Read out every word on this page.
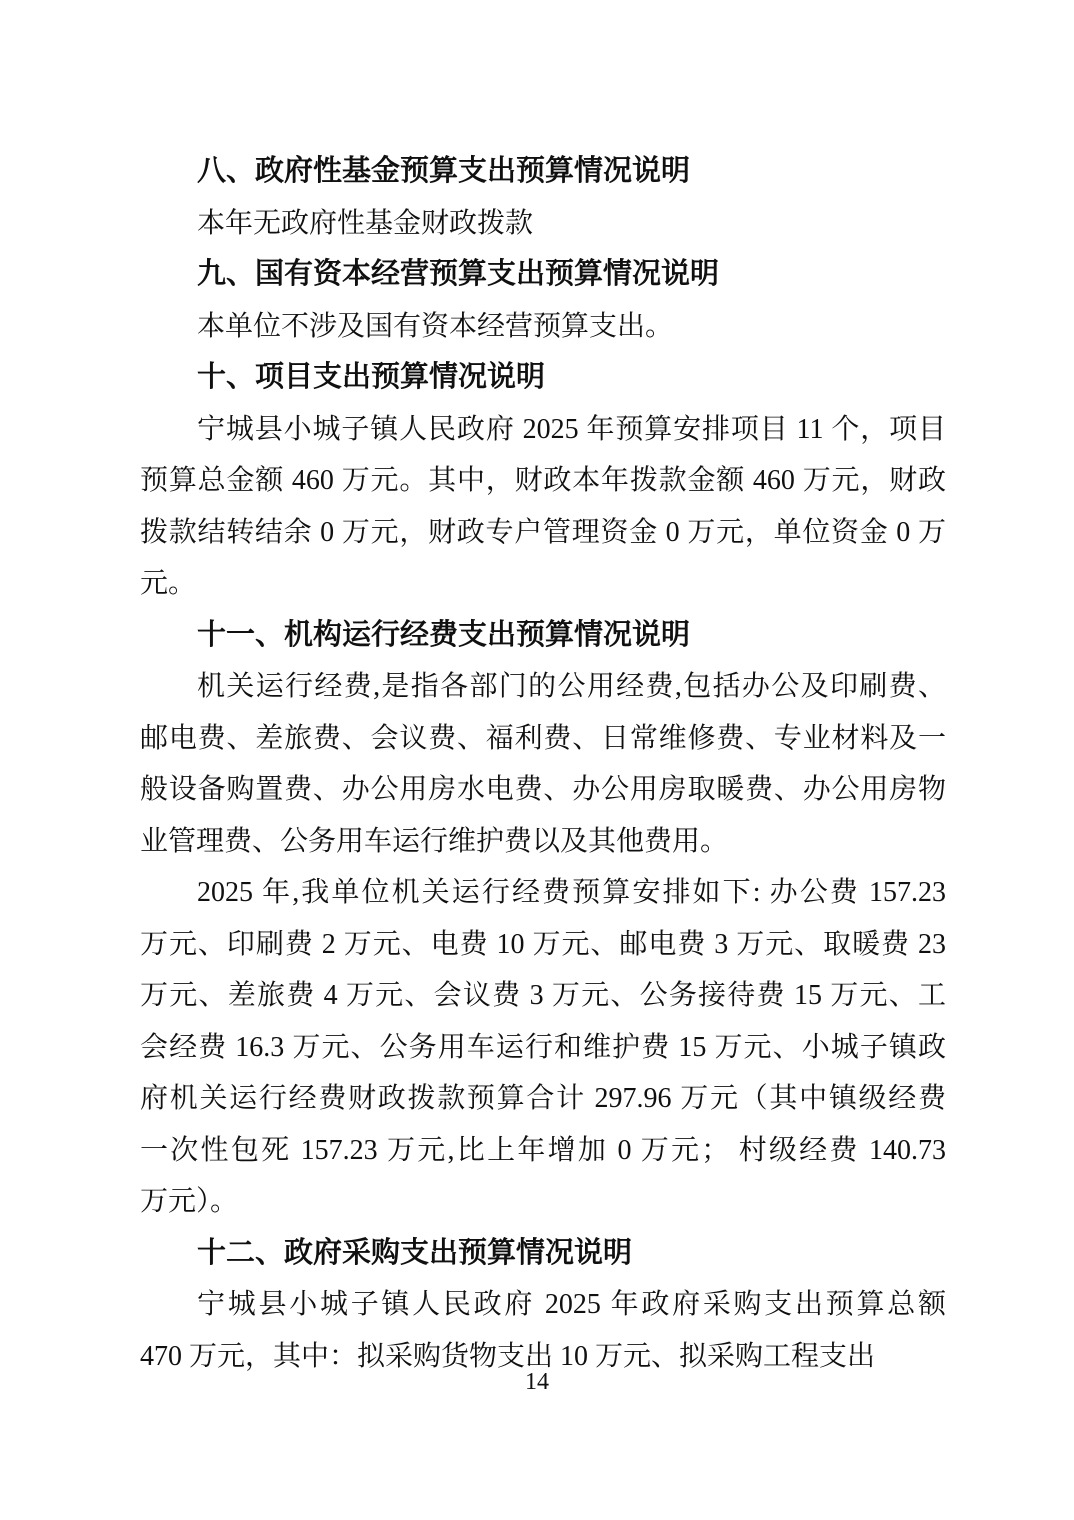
八、政府性基金预算支出预算情况说明

本年无政府性基金财政拨款

九、国有资本经营预算支出预算情况说明

本单位不涉及国有资本经营预算支出。

十、项目支出预算情况说明

宁城县小城子镇人民政府 2025 年预算安排项目 11 个，项目

预算总金额 460 万元。其中，财政本年拨款金额 460 万元，财政

拨款结转结余 0 万元，财政专户管理资金 0 万元，单位资金 0 万

元。

十一、机构运行经费支出预算情况说明

机关运行经费,是指各部门的公用经费,包括办公及印刷费、

邮电费、差旅费、会议费、福利费、日常维修费、专业材料及一

般设备购置费、办公用房水电费、办公用房取暖费、办公用房物

业管理费、公务用车运行维护费以及其他费用。

2025 年,我单位机关运行经费预算安排如下: 办公费 157.23

万元、印刷费 2 万元、电费 10 万元、邮电费 3 万元、取暖费 23

万元、差旅费 4 万元、会议费 3 万元、公务接待费 15 万元、工

会经费 16.3 万元、公务用车运行和维护费 15 万元、小城子镇政

府机关运行经费财政拨款预算合计 297.96 万元（其中镇级经费

一次性包死 157.23 万元,比上年增加 0 万元； 村级经费 140.73

万元）。

十二、政府采购支出预算情况说明

宁城县小城子镇人民政府 2025 年政府采购支出预算总额

470 万元，其中：拟采购货物支出 10 万元、拟采购工程支出

14
